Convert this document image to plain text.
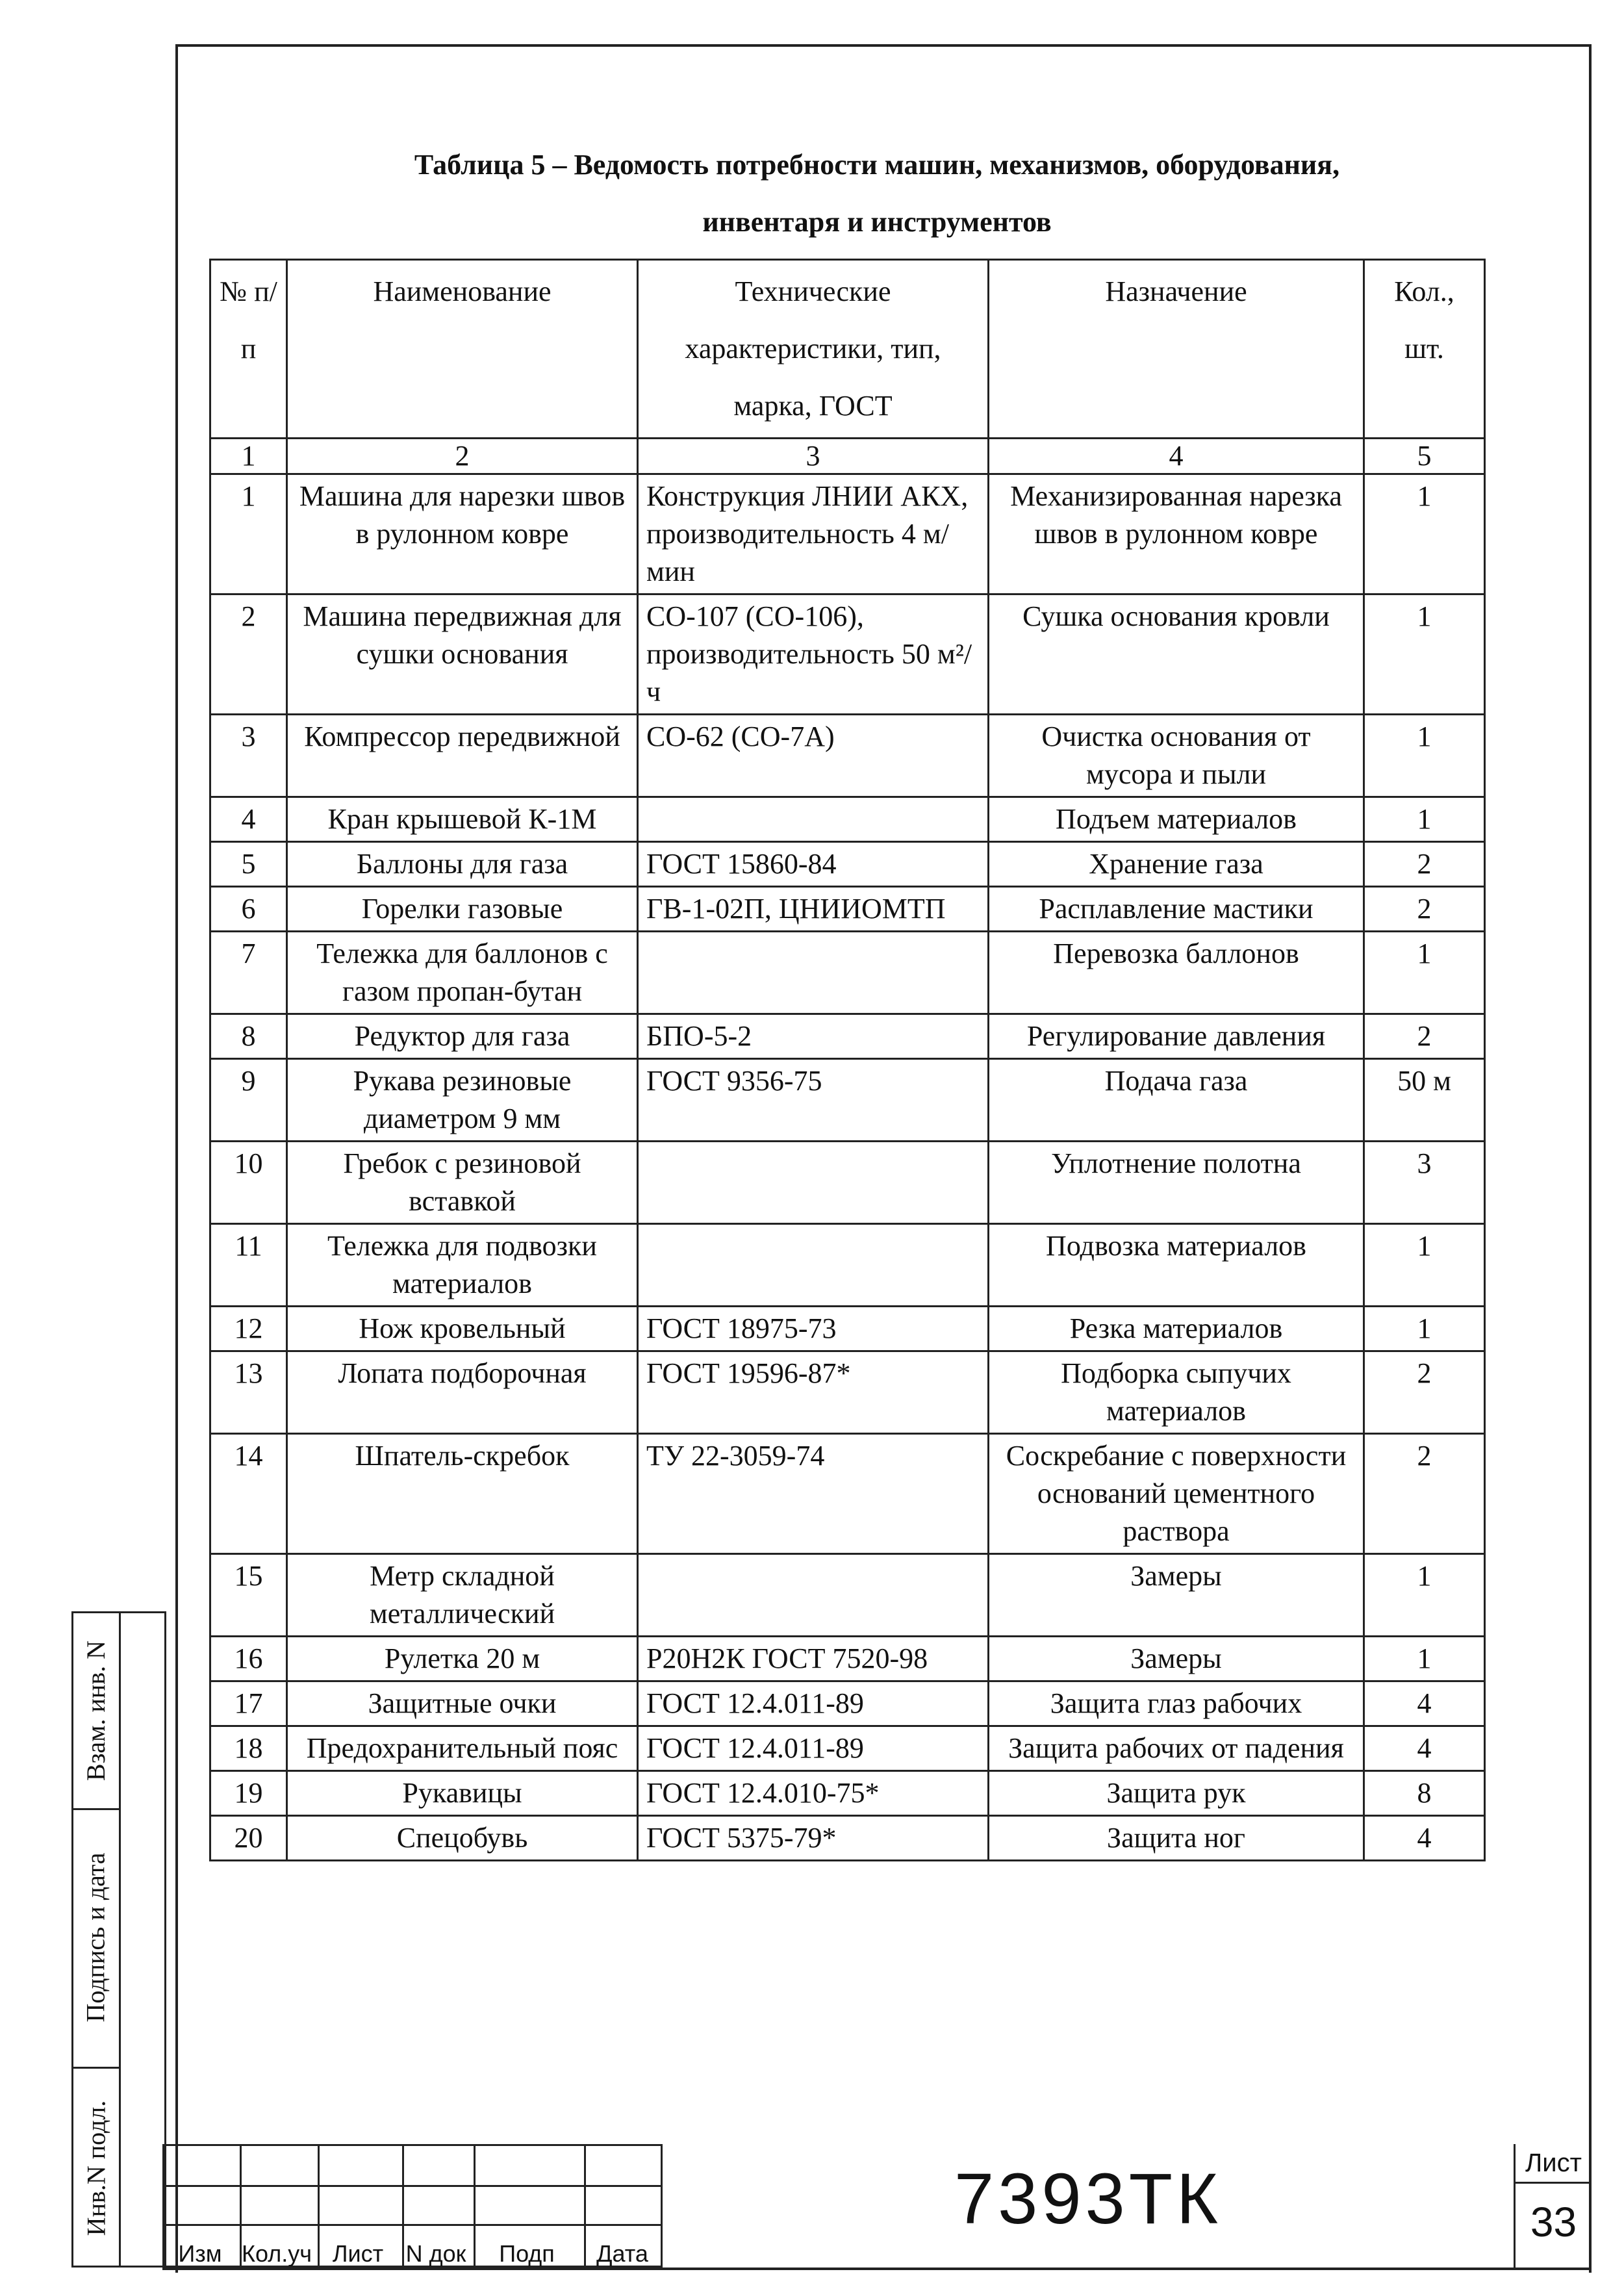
Таблица 5 – Ведомость потребности машин, механизмов, оборудования,
инвентаря и инструментов
№ п/п	Наименование	Технические характеристики, тип, марка, ГОСТ	Назначение	Кол., шт.
1	2	3	4	5
1	Машина для нарезки швов в рулонном ковре	Конструкция ЛНИИ АКХ, производительность 4 м/мин	Механизированная нарезка швов в рулонном ковре	1
2	Машина передвижная для сушки основания	СО-107 (СО-106), производительность 50 м²/ч	Сушка основания кровли	1
3	Компрессор передвижной	СО-62 (СО-7А)	Очистка основания от мусора и пыли	1
4	Кран крышевой К-1М		Подъем материалов	1
5	Баллоны для газа	ГОСТ 15860-84	Хранение газа	2
6	Горелки газовые	ГВ-1-02П, ЦНИИОМТП	Расплавление мастики	2
7	Тележка для баллонов с газом пропан-бутан		Перевозка баллонов	1
8	Редуктор для газа	БПО-5-2	Регулирование давления	2
9	Рукава резиновые диаметром 9 мм	ГОСТ 9356-75	Подача газа	50 м
10	Гребок с резиновой вставкой		Уплотнение полотна	3
11	Тележка для подвозки материалов		Подвозка материалов	1
12	Нож кровельный	ГОСТ 18975-73	Резка материалов	1
13	Лопата подборочная	ГОСТ 19596-87*	Подборка сыпучих материалов	2
14	Шпатель-скребок	ТУ 22-3059-74	Соскребание с поверхности оснований цементного раствора	2
15	Метр складной металлический		Замеры	1
16	Рулетка 20 м	Р20Н2К ГОСТ 7520-98	Замеры	1
17	Защитные очки	ГОСТ 12.4.011-89	Защита глаз рабочих	4
18	Предохранительный пояс	ГОСТ 12.4.011-89	Защита рабочих от падения	4
19	Рукавицы	ГОСТ 12.4.010-75*	Защита рук	8
20	Спецобувь	ГОСТ 5375-79*	Защита ног	4
Взам. инв. N
Подпись и дата
Инв.N подл.
Изм Кол.уч Лист N док	Подп	Дата
7393ТК	Лист
33
